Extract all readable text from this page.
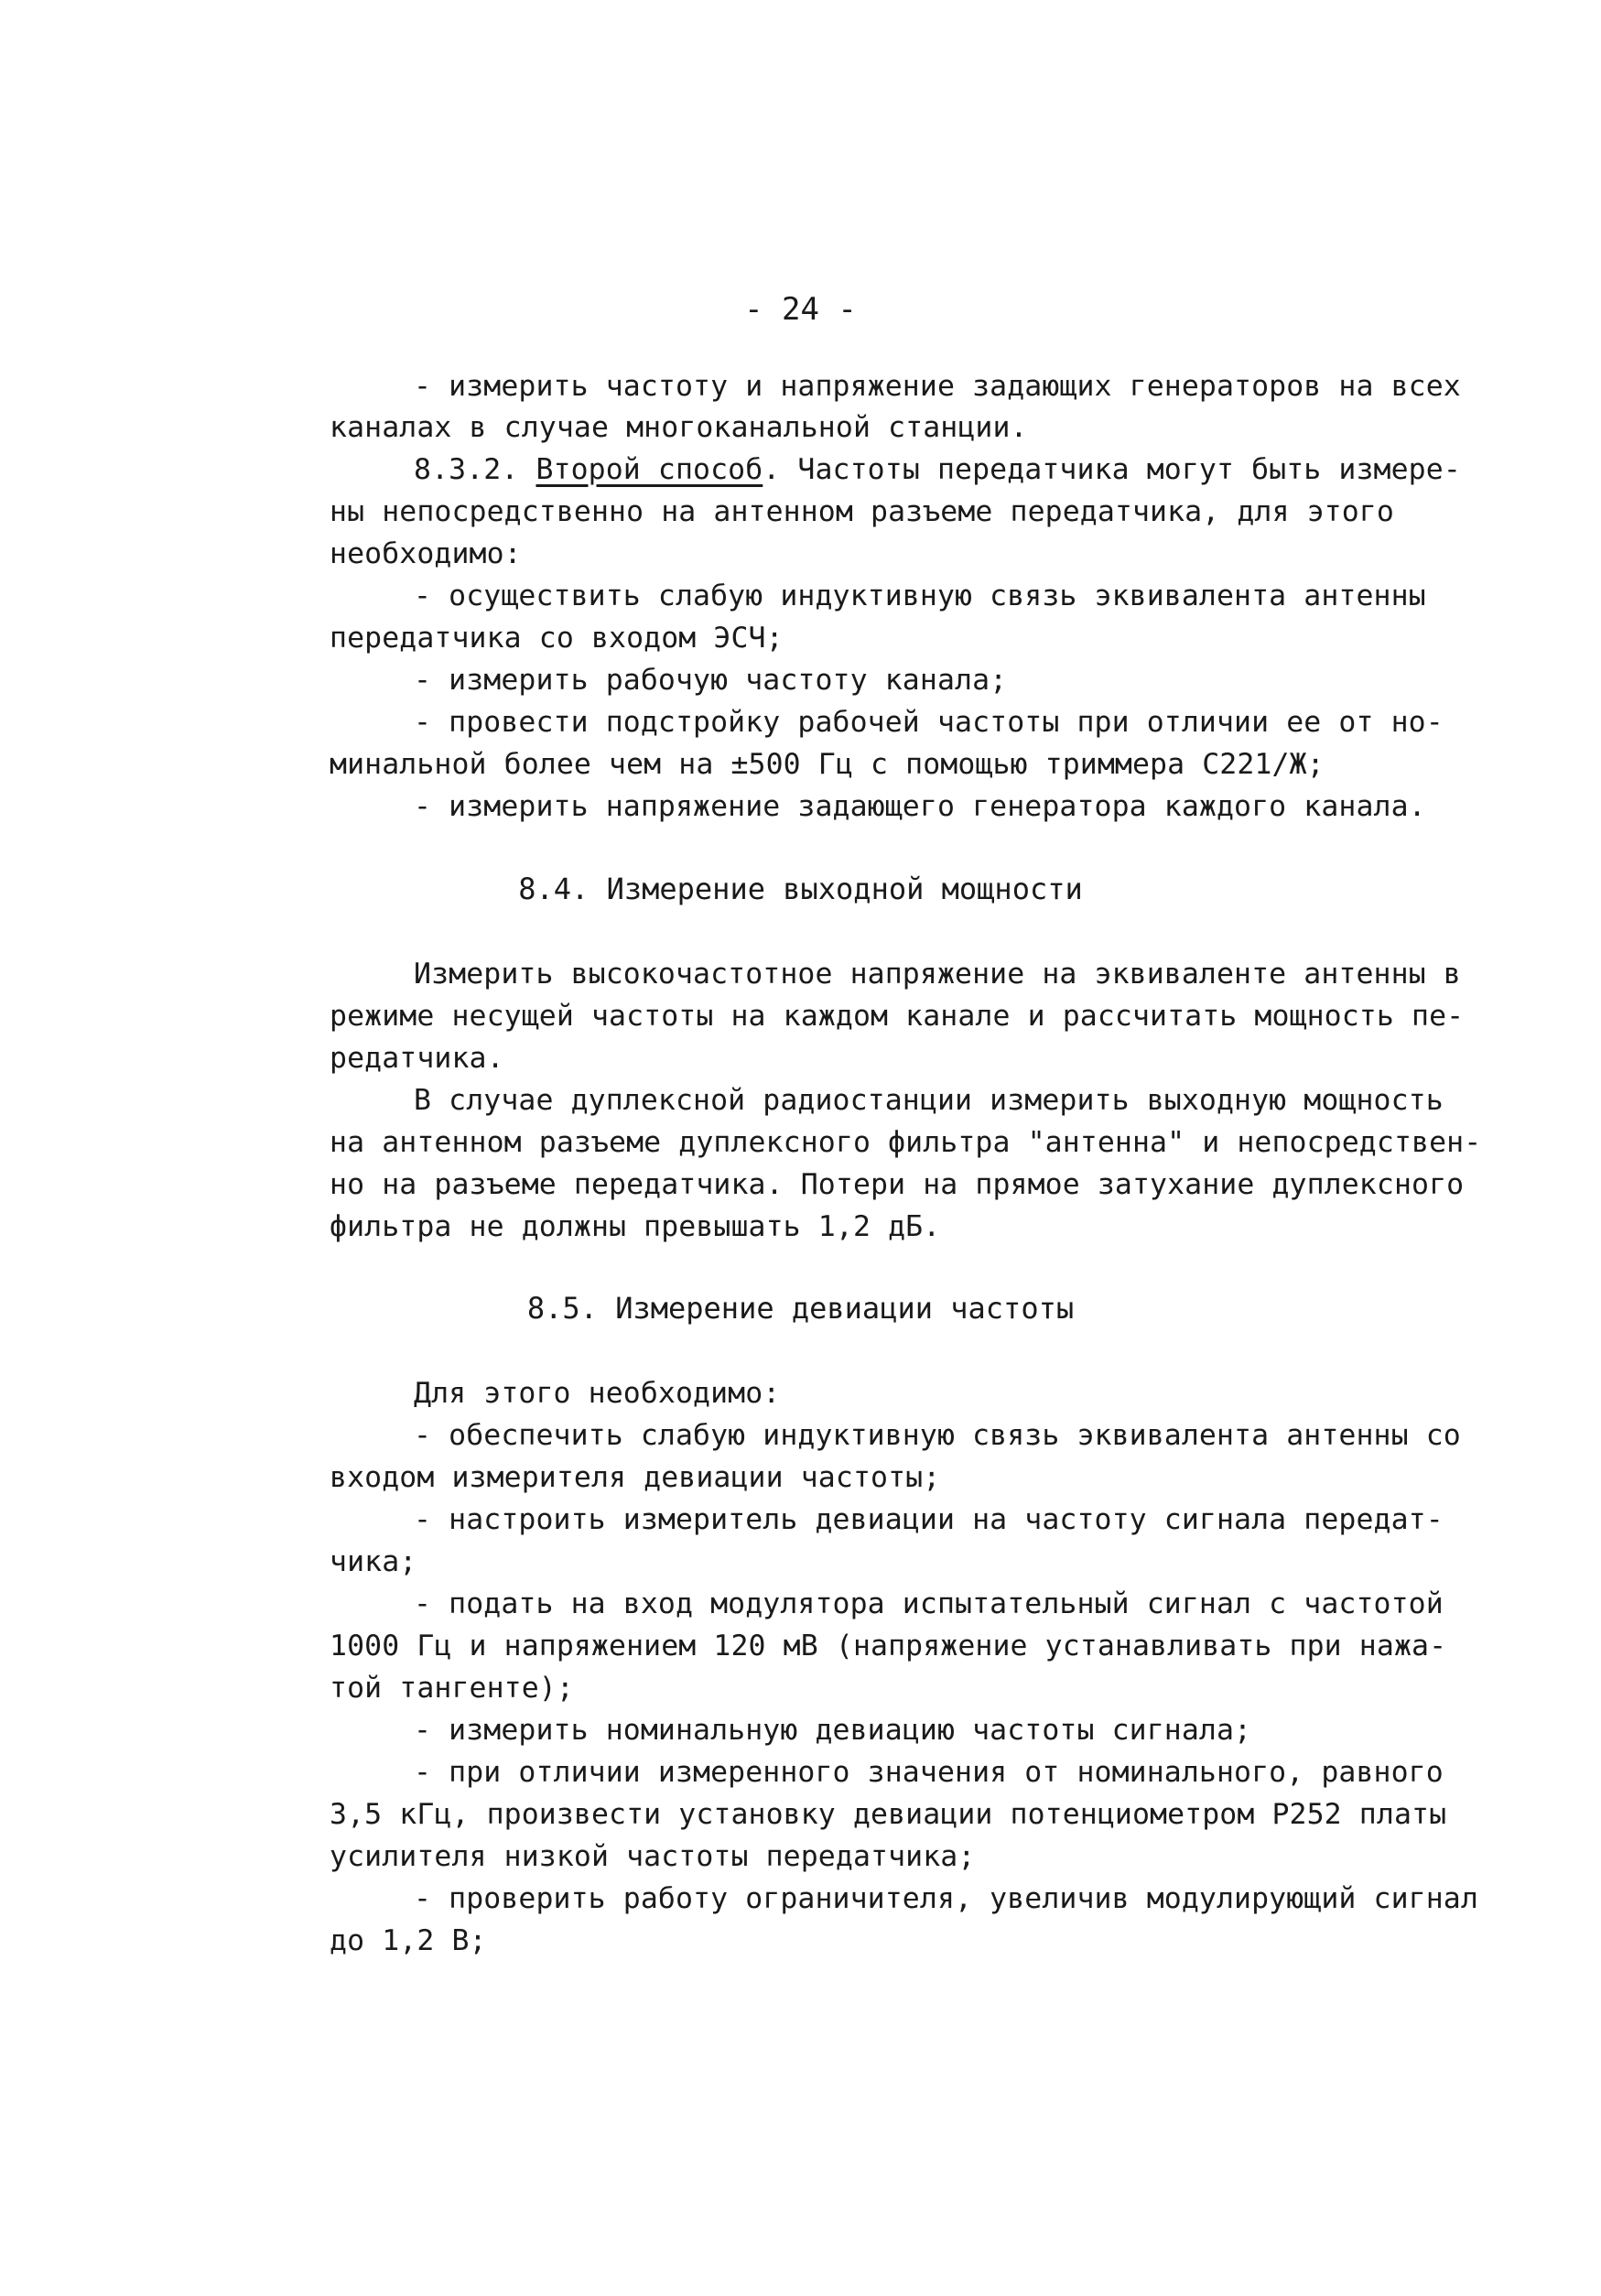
- 24 -
- измерить частоту и напряжение задающих генераторов на всех
каналах в случае многоканальной станции.
8.3.2. Второй способ. Частоты передатчика могут быть измере-
ны непосредственно на антенном разъеме передатчика, для этого
необходимо:
- осуществить слабую индуктивную связь эквивалента антенны
передатчика со входом ЭСЧ;
- измерить рабочую частоту канала;
- провести подстройку рабочей частоты при отличии ее от но-
минальной более чем на ±500 Гц с помощью триммера С221/Ж;
- измерить напряжение задающего генератора каждого канала.
8.4. Измерение выходной мощности
Измерить высокочастотное напряжение на эквиваленте антенны в
режиме несущей частоты на каждом канале и рассчитать мощность пе-
редатчика.
В случае дуплексной радиостанции измерить выходную мощность
на антенном разъеме дуплексного фильтра "антенна" и непосредствен-
но на разъеме передатчика. Потери на прямое затухание дуплексного
фильтра не должны превышать 1,2 дБ.
8.5. Измерение девиации частоты
Для этого необходимо:
- обеспечить слабую индуктивную связь эквивалента антенны со
входом измерителя девиации частоты;
- настроить измеритель девиации на частоту сигнала передат-
чика;
- подать на вход модулятора испытательный сигнал с частотой
1000 Гц и напряжением 120 мВ (напряжение устанавливать при нажа-
той тангенте);
- измерить номинальную девиацию частоты сигнала;
- при отличии измеренного значения от номинального, равного
3,5 кГц, произвести установку девиации потенциометром Р252 платы
усилителя низкой частоты передатчика;
- проверить работу ограничителя, увеличив модулирующий сигнал
до 1,2 В;
